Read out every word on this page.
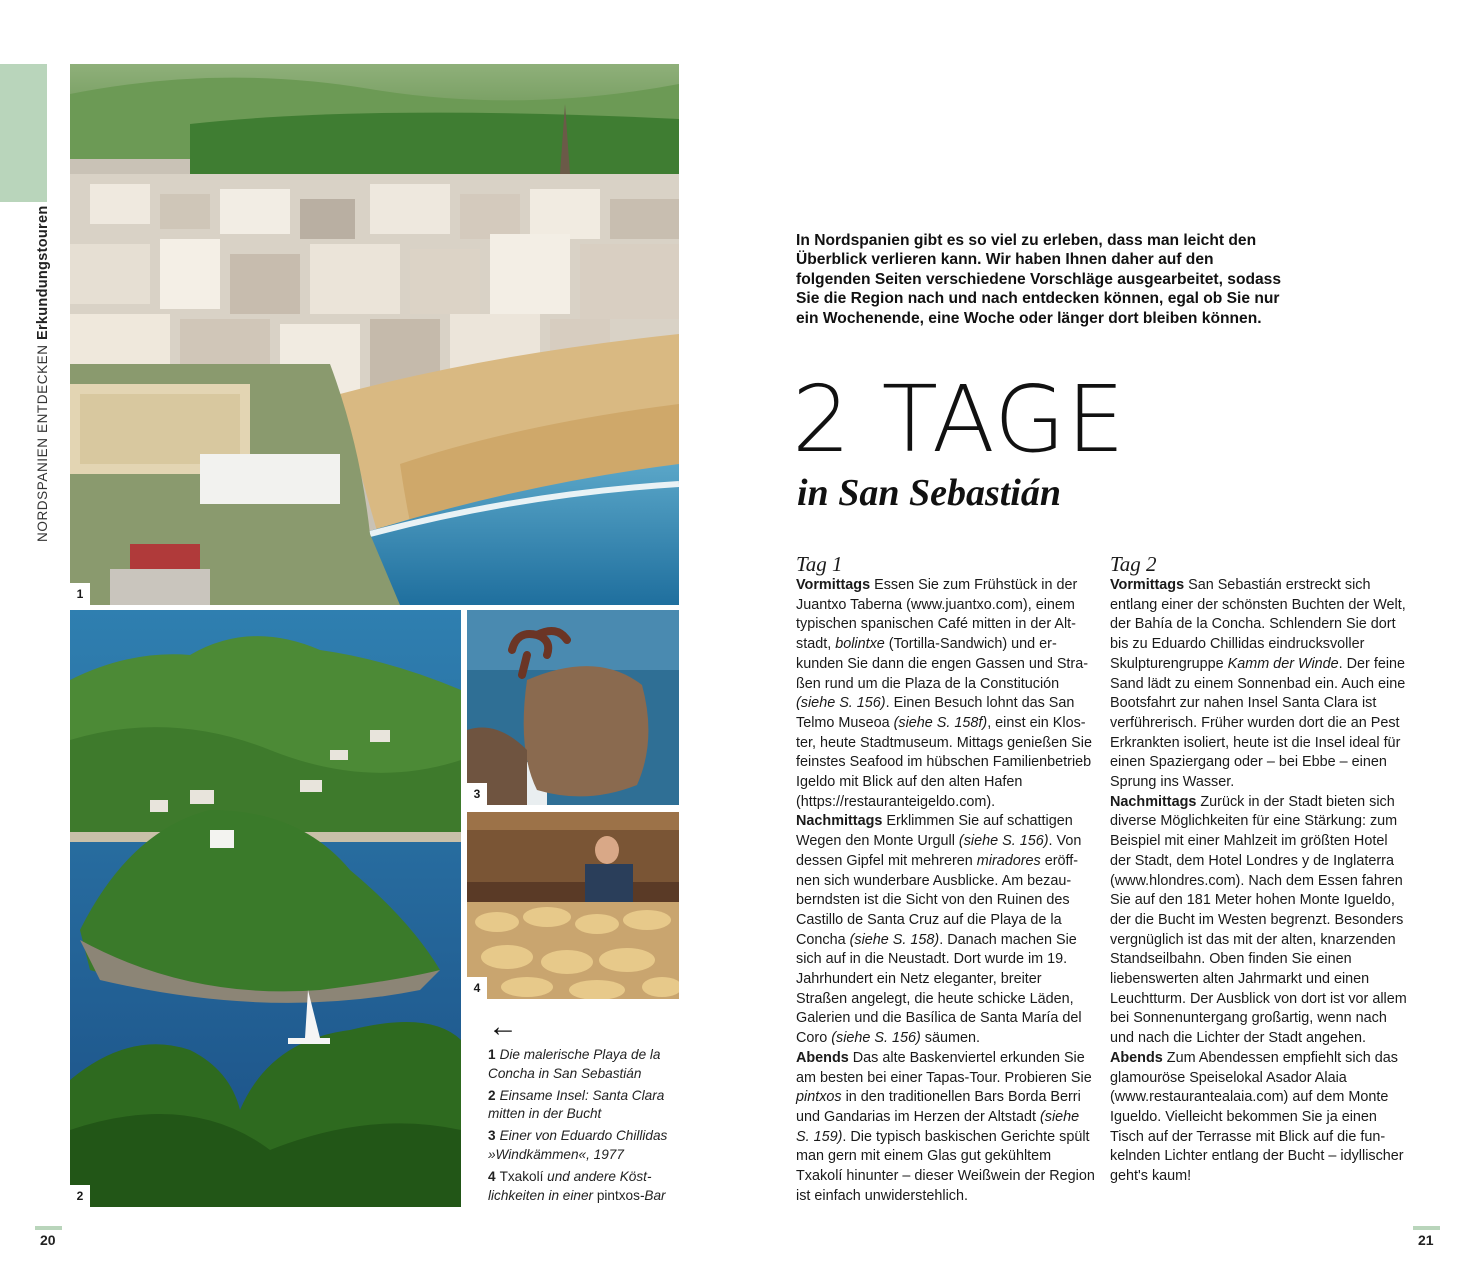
NORDSPANIEN ENTDECKEN Erkundungstouren
1
2
3
4
←
1 Die malerische Playa de la Concha in San Sebastián
2 Einsame Insel: Santa Clara mitten in der Bucht
3 Einer von Eduardo Chillidas »Windkämmen«, 1977
4 Txakolí und andere Köstlichkeiten in einer pintxos-Bar
In Nordspanien gibt es so viel zu erleben, dass man leicht den Überblick verlieren kann. Wir haben Ihnen daher auf den folgenden Seiten verschiedene Vorschläge ausgearbeitet, sodass Sie die Region nach und nach entdecken können, egal ob Sie nur ein Wochenende, eine Woche oder länger dort bleiben können.
2 TAGE
in San Sebastián
Tag 1

Vormittags Essen Sie zum Frühstück in der Juantxo Taberna (www.juantxo.com), einem typischen spanischen Café mitten in der Altstadt, bolintxe (Tortilla-Sandwich) und erkunden Sie dann die engen Gassen und Straßen rund um die Plaza de la Constitución (siehe S. 156). Einen Besuch lohnt das San Telmo Museoa (siehe S. 158f), einst ein Kloster, heute Stadtmuseum. Mittags genießen Sie feinstes Seafood im hübschen Familienbetrieb Igeldo mit Blick auf den alten Hafen (https://restauranteigeldo.com).

Nachmittags Erklimmen Sie auf schattigen Wegen den Monte Urgull (siehe S. 156). Von dessen Gipfel mit mehreren miradores eröffnen sich wunderbare Ausblicke. Am bezauberndsten ist die Sicht von den Ruinen des Castillo de Santa Cruz auf die Playa de la Concha (siehe S. 158). Danach machen Sie sich auf in die Neustadt. Dort wurde im 19. Jahrhundert ein Netz eleganter, breiter Straßen angelegt, die heute schicke Läden, Galerien und die Basílica de Santa María del Coro (siehe S. 156) säumen.

Abends Das alte Baskenviertel erkunden Sie am besten bei einer Tapas-Tour. Probieren Sie pintxos in den traditionellen Bars Borda Berri und Gandarias im Herzen der Altstadt (siehe S. 159). Die typisch baskischen Gerichte spült man gern mit einem Glas gut gekühltem Txakolí hinunter – dieser Weißwein der Region ist einfach unwiderstehlich.

Tag 2

Vormittags San Sebastián erstreckt sich entlang einer der schönsten Buchten der Welt, der Bahía de la Concha. Schlendern Sie dort bis zu Eduardo Chillidas eindrucksvoller Skulpturengruppe Kamm der Winde. Der feine Sand lädt zu einem Sonnenbad ein. Auch eine Bootsfahrt zur nahen Insel Santa Clara ist verführerisch. Früher wurden dort die an Pest Erkrankten isoliert, heute ist die Insel ideal für einen Spaziergang oder – bei Ebbe – einen Sprung ins Wasser.

Nachmittags Zurück in der Stadt bieten sich diverse Möglichkeiten für eine Stärkung: zum Beispiel mit einer Mahlzeit im größten Hotel der Stadt, dem Hotel Londres y de Inglaterra (www.hlondres.com). Nach dem Essen fahren Sie auf den 181 Meter hohen Monte Igueldo, der die Bucht im Westen begrenzt. Besonders vergnüglich ist das mit der alten, knarzenden Standseilbahn. Oben finden Sie einen liebenswerten alten Jahrmarkt und einen Leuchtturm. Der Ausblick von dort ist vor allem bei Sonnenuntergang großartig, wenn nach und nach die Lichter der Stadt angehen.

Abends Zum Abendessen empfiehlt sich das glamouröse Speiselokal Asador Alaia (www.restaurantealaia.com) auf dem Monte Igueldo. Vielleicht bekommen Sie ja einen Tisch auf der Terrasse mit Blick auf die funkelnden Lichter entlang der Bucht – idyllischer geht's kaum!

20	21
